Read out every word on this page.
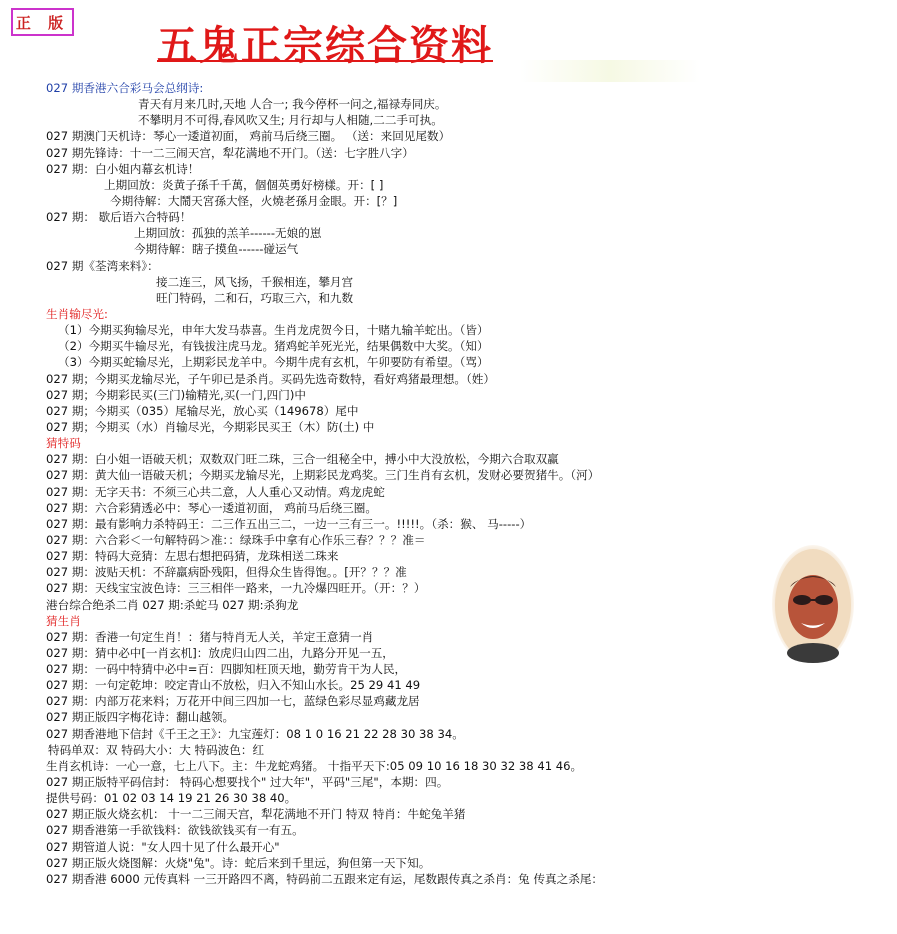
正 版 五鬼正宗综合资料
027 期香港六合彩马会总纲诗:
青天有月来几时,天地 人合一; 我今停杯一问之,福禄寿同庆。
不攀明月不可得,春风吹又生; 月行却与人相随,二二手可执。
027 期澳门天机诗：琴心一逶道初面， 鸡前马后绕三圈。 （送：来回见尾数）
027 期先锋诗：十一二三闹天宫，犁花满地不开门。（送：七字胜八字）
027 期：白小姐内幕玄机诗！
上期回放：炎黄子孫千千萬，個個英勇好榜樣。开：[ ]
今期待解：大鬧天宮孫大怪，火燒老孫月金眼。开：[？]
027 期： 歇后语六合特码！
上期回放：孤独的羔羊------无娘的崽
今期待解：瞎子摸鱼------碰运气
027 期《荃湾来料》：
接二连三，风飞扬，千猴相连，攀月宫
旺门特码，二和石，巧取三六，和九数
生肖输尽光:
（1）今期买狗输尽光，申年大发马恭喜。生肖龙虎贺今日，十赌九输羊蛇出。（皆）
（2）今期买牛输尽光，有钱拔注虎马龙。猪鸡蛇羊死光光，结果偶数中大奖。（知）
（3）今期买蛇输尽光，上期彩民龙羊中。今期牛虎有玄机，午卯要防有希望。（骂）
027 期；今期买龙输尽光，子午卯已是杀肖。买码先选奇数特，看好鸡猪最理想。（姓）
027 期；今期彩民买(三门)输精光,买(一门,四门)中
027 期；今期买（035）尾输尽光，放心买（149678）尾中
027 期；今期买（水）肖输尽光，今期彩民买王（木）防(土) 中
猜特码
027 期：白小姐一语破天机；双数双门旺二珠，三合一组秘全中，搏小中大没放松，今期六合取双赢
027 期：黄大仙一语破天机；今期买龙输尽光，上期彩民龙鸡奖。三门生肖有玄机，发财必要贺猪牛。（河）
027 期：无字天书：不须三心共二意，人人重心又动情。鸡龙虎蛇
027 期：六合彩猜透必中：琴心一逶道初面， 鸡前马后绕三圈。
027 期：最有影响力杀特码王：二三作五出三二，一边一三有三一。!!!!!。（杀：猴、 马-----）
027 期：六合彩＜一句解特码＞准：：绿珠手中拿有心作乐三春？？？准＝
027 期：特码大竞猜：左思右想把码猜，龙珠相送二珠来
027 期：波贴天机：不辞羸病卧残阳，但得众生皆得饱。。[开？？？准
027 期：天线宝宝波色诗：三三相伴一路来，一九冷爆四旺开。（开：？）
港台综合绝杀二肖 027 期:杀蛇马 027 期:杀狗龙
猜生肖
027 期：香港一句定生肖！：猪与特肖无人关，羊定王意猜一肖
027 期：猜中必中[一肖玄机]：放虎归山四二出，九路分开见一五，
027 期：一码中特猜中必中=百：四脚知枉顶天地，勤劳肯干为人民，
027 期：一句定乾坤：咬定青山不放松，归入不知山水长。25 29 41 49
027 期：内部万花来料；万花开中间三四加一七，蓝绿色彩尽显鸡藏龙居
027 期正版四字梅花诗：翻山越领。
027 期香港地下信封《千王之王》：九宝莲灯：08 1 0 16 21 22 28 30 38 34。
特码单双：双 特码大小：大 特码波色：红
生肖玄机诗：一心一意，七上八下。主：牛龙蛇鸡猪。 十指平天下:05 09 10 16 18 30 32 38 41 46。
027 期正版特平码信封： 特码心想要找个" 过大年"，平码"三尾"，本期：四。
提供号码：01 02 03 14 19 21 26 30 38 40。
027 期正版火烧玄机： 十一二三闹天宫，犁花满地不开门 特双 特肖：牛蛇兔羊猪
027 期香港第一手欲钱料：欲钱欲钱买有一有五。
027 期管道人说："女人四十见了什么最开心"
027 期正版火烧图解：火烧"兔"。诗：蛇后来到千里远，狗但第一天下知。
027 期香港 6000 元传真料 一三开路四不离，特码前二五跟来定有运，尾数跟传真之杀肖：兔 传真之杀尾：
